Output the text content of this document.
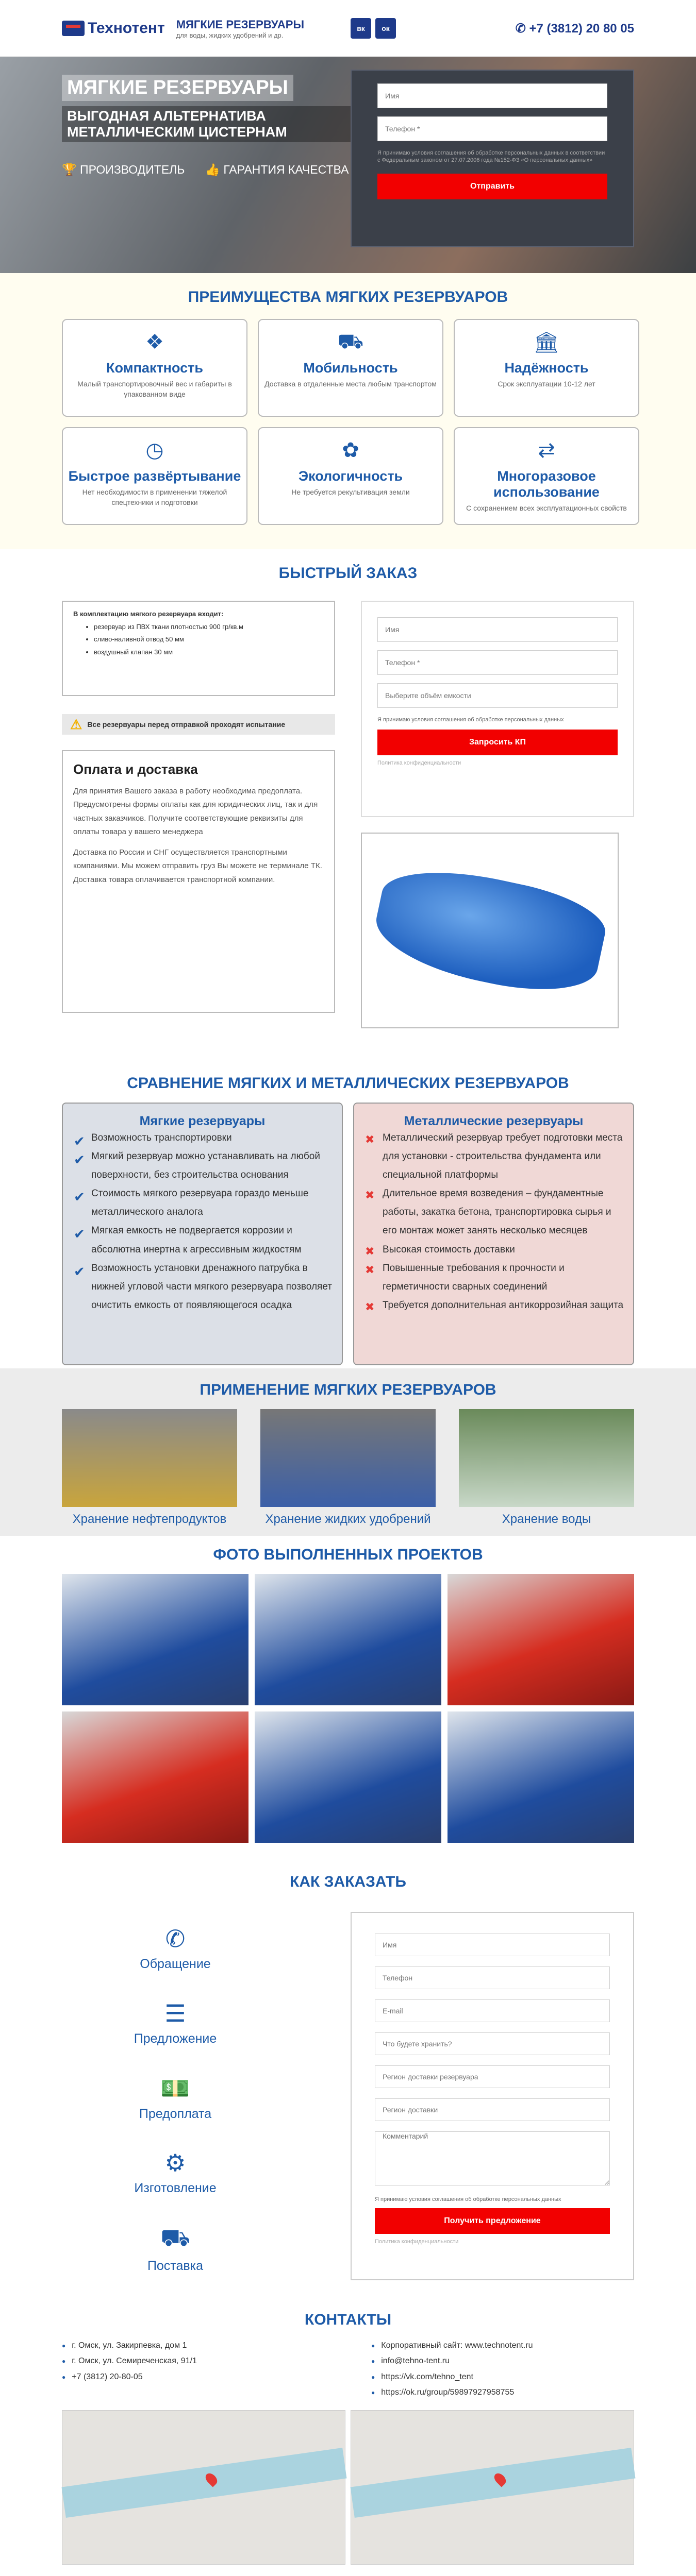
Технотент МЯГКИЕ РЕЗЕРВУАРЫ

для воды, жидких удобрений и др.

вк	ок	✆ +7 (3812) 20 80 05
МЯГКИЕ РЕЗЕРВУАРЫ
ВЫГОДНАЯ АЛЬТЕРНАТИВА МЕТАЛЛИЧЕСКИМ ЦИСТЕРНАМ
🏆 ПРОИЗВОДИТЕЛЬ 👍 ГАРАНТИЯ КАЧЕСТВА
Имя
Телефон *

Я принимаю условия соглашения об обработке персональных данных в соответствии с Федеральным законом от 27.07.2006 года №152-ФЗ «О персональных данных»

Отправить
ПРЕИМУЩЕСТВА МЯГКИХ РЕЗЕРВУАРОВ
❖
Компактность

Малый транспортировочный вес и габариты в упакованном виде

⛟
Мобильность

Доставка в отдаленные места любым транспортом

🏛
Надёжность

Срок эксплуатации 10-12 лет

◷
Быстрое развёртывание

Нет необходимости в применении тяжелой спецтехники и подготовки

✿
Экологичность

Не требуется рекультивация земли

⇄
Многоразовое использование

С сохранением всех эксплуатационных свойств

БЫСТРЫЙ ЗАКАЗ
В комплектацию мягкого резервуара входит:
• резервуар из ПВХ ткани плотностью 900 гр/кв.м
• сливо-наливной отвод 50 мм
• воздушный клапан 30 мм
⚠ Все резервуары перед отправкой проходят испытание
Оплата и доставка

Для принятия Вашего заказа в работу необходима предоплата. Предусмотрены формы оплаты как для юридических лиц, так и для частных заказчиков. Получите соответствующие реквизиты для оплаты товара у вашего менеджера

Доставка по России и СНГ осуществляется транспортными компаниями. Мы можем отправить груз Вы можете не терминале ТК. Доставка товара оплачивается транспортной компании.

Имя
Телефон *
Выберите объём емкости

Я принимаю условия соглашения об обработке персональных данных

Запросить КП

Политика конфиденциальности

СРАВНЕНИЕ МЯГКИХ И МЕТАЛЛИЧЕСКИХ РЕЗЕРВУАРОВ
Мягкие резервуары
✔ Возможность транспортировки
✔ Мягкий резервуар можно устанавливать на любой поверхности, без строительства основания
✔ Стоимость мягкого резервуара гораздо меньше металлического аналога
✔ Мягкая емкость не подвергается коррозии и абсолютна инертна к агрессивным жидкостям
✔ Возможность установки дренажного патрубка в нижней угловой части мягкого резервуара позволяет очистить емкость от появляющегося осадка
Металлические резервуары
✖ Металлический резервуар требует подготовки места для установки - строительства фундамента или специальной платформы
✖ Длительное время возведения – фундаментные работы, закатка бетона, транспортировка сырья и его монтаж может занять несколько месяцев
✖ Высокая стоимость доставки
✖ Повышенные требования к прочности и герметичности сварных соединений
✖ Требуется дополнительная антикоррозийная защита
ПРИМЕНЕНИЕ МЯГКИХ РЕЗЕРВУАРОВ

Хранение нефтепродуктов	Хранение жидких удобрений	Хранение воды

ФОТО ВЫПОЛНЕННЫХ ПРОЕКТОВ
КАК ЗАКАЗАТЬ
✆

Обращение

☰

Предложение

💵

Предоплата

⚙

Изготовление

⛟

Поставка

Имя
Телефон
E-mail
Что будете хранить?
Регион доставки резервуара
Регион доставки
Комментарий

Я принимаю условия соглашения об обработке персональных данных

Получить предложение

Политика конфиденциальности

КОНТАКТЫ
● г. Омск, ул. Закирпевка, дом 1
● г. Омск, ул. Семиреченская, 91/1
● +7 (3812) 20-80-05
● Корпоративный сайт: www.technotent.ru
● info@tehno-tent.ru
● https://vk.com/tehno_tent
● https://ok.ru/group/59897927958755
